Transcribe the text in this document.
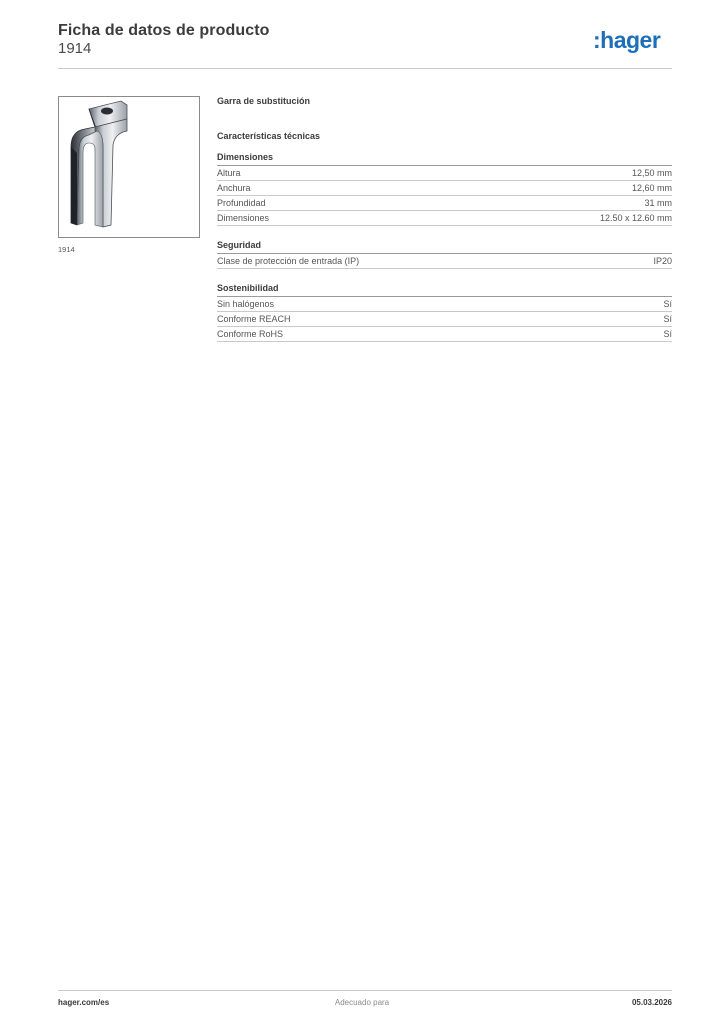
Ficha de datos de producto
1914	:hager
1914
Garra de substitución
Características técnicas
Dimensiones
Altura	12,50 mm
Anchura	12,60 mm
Profundidad	31 mm
Dimensiones	12.50 x 12.60 mm
Seguridad
Clase de protección de entrada (IP)	IP20
Sostenibilidad
Sin halógenos	Sí
Conforme REACH	Sí
Conforme RoHS	Sí
hager.com/es	Adecuado para	05.03.2026
